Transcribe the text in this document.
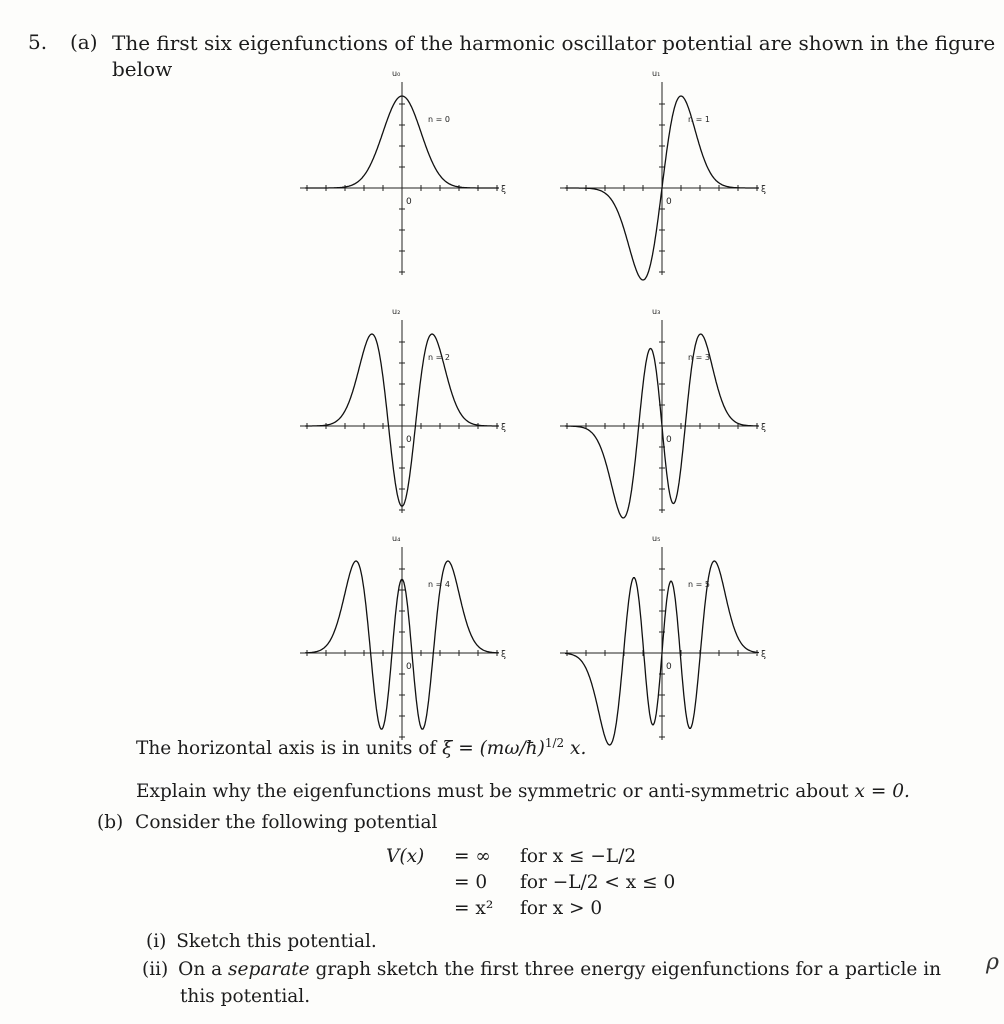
5. (a) The first six eigenfunctions of the harmonic oscillator potential are shown in the figure
below	u₀
n = 0
0
ξ
u₁
n = 1
0
ξ
u₂
n = 2
0
ξ
u₃
n = 3
0
ξ
u₄
n = 4
0
ξ
u₅
n = 5
0
ξ
The horizontal axis is in units of ξ = (mω/ħ)$^{1/2}$ x.
Explain why the eigenfunctions must be symmetric or anti-symmetric about x = 0.
(b) Consider the following potential
V(x) = ∞ for x ≤ −L/2
= 0 for −L/2 < x ≤ 0
= x² for x > 0
(i) Sketch this potential.
(ii) On a separate graph sketch the first three energy eigenfunctions for a particle in
this potential.
ρ
